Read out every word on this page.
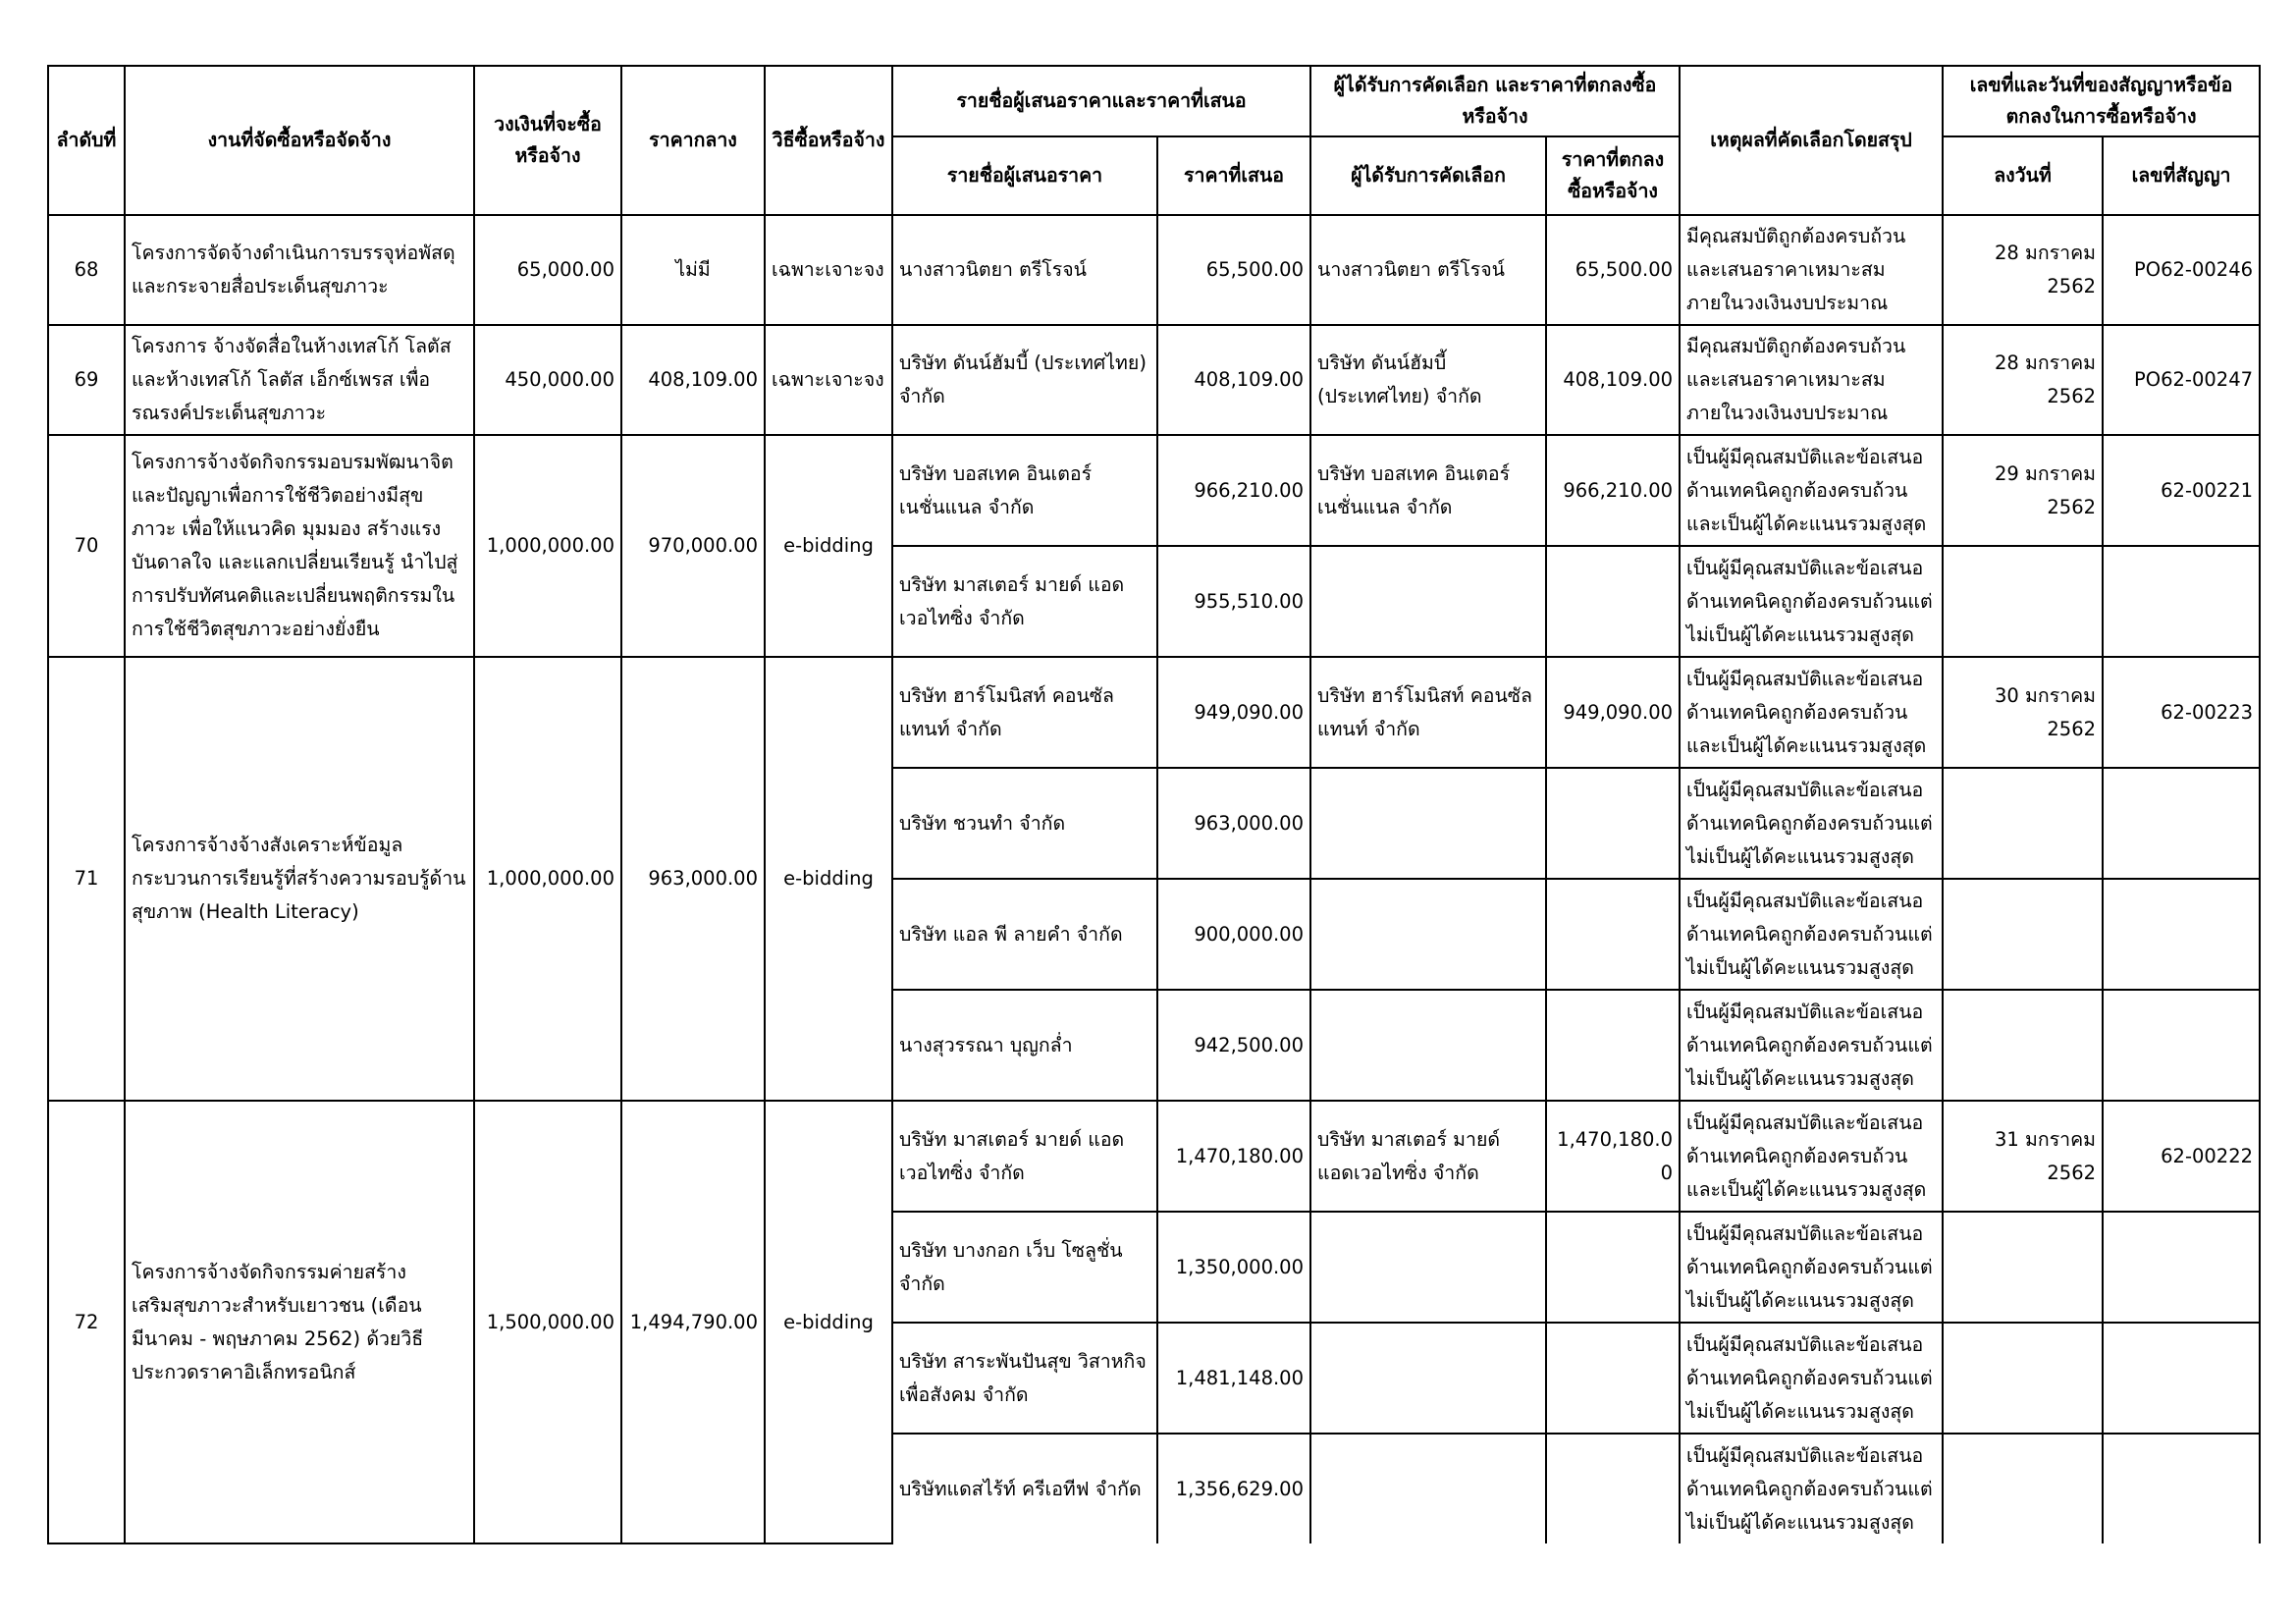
ลำดับที่	งานที่จัดซื้อหรือจัดจ้าง	วงเงินที่จะซื้อหรือจ้าง	ราคากลาง	วิธีซื้อหรือจ้าง	รายชื่อผู้เสนอราคาและราคาที่เสนอ		ผู้ได้รับการคัดเลือก และราคาที่ตกลงซื้อหรือจ้าง		เหตุผลที่คัดเลือกโดยสรุป	เลขที่และวันที่ของสัญญาหรือข้อตกลงในการซื้อหรือจ้าง	
					รายชื่อผู้เสนอราคา	ราคาที่เสนอ	ผู้ได้รับการคัดเลือก	ราคาที่ตกลงซื้อหรือจ้าง		ลงวันที่	เลขที่สัญญา
68	โครงการจัดจ้างดำเนินการบรรจุห่อพัสดุและกระจายสื่อประเด็นสุขภาวะ	65,000.00	ไม่มี	เฉพาะเจาะจง	นางสาวนิตยา ตรีโรจน์	65,500.00	นางสาวนิตยา ตรีโรจน์	65,500.00	มีคุณสมบัติถูกต้องครบถ้วนและเสนอราคาเหมาะสมภายในวงเงินงบประมาณ	28 มกราคม 2562	PO62-00246
69	โครงการ จ้างจัดสื่อในห้างเทสโก้ โลตัส และห้างเทสโก้ โลตัส เอ็กซ์เพรส เพื่อรณรงค์ประเด็นสุขภาวะ	450,000.00	408,109.00	เฉพาะเจาะจง	บริษัท ดันน์ฮัมบี้ (ประเทศไทย) จำกัด	408,109.00	บริษัท ดันน์ฮัมบี้ (ประเทศไทย) จำกัด	408,109.00	มีคุณสมบัติถูกต้องครบถ้วนและเสนอราคาเหมาะสมภายในวงเงินงบประมาณ	28 มกราคม 2562	PO62-00247
70	โครงการจ้างจัดกิจกรรมอบรมพัฒนาจิตและปัญญาเพื่อการใช้ชีวิตอย่างมีสุขภาวะ เพื่อให้แนวคิด มุมมอง สร้างแรงบันดาลใจ และแลกเปลี่ยนเรียนรู้ นำไปสู่การปรับทัศนคติและเปลี่ยนพฤติกรรมในการใช้ชีวิตสุขภาวะอย่างยั่งยืน	1,000,000.00	970,000.00	e-bidding	บริษัท บอสเทค อินเตอร์เนชั่นแนล จำกัด	966,210.00	บริษัท บอสเทค อินเตอร์เนชั่นแนล จำกัด	966,210.00	เป็นผู้มีคุณสมบัติและข้อเสนอด้านเทคนิคถูกต้องครบถ้วนและเป็นผู้ได้คะแนนรวมสูงสุด	29 มกราคม 2562	62-00221
					บริษัท มาสเตอร์ มายด์ แอดเวอไทซิ่ง จำกัด	955,510.00			เป็นผู้มีคุณสมบัติและข้อเสนอด้านเทคนิคถูกต้องครบถ้วนแต่ไม่เป็นผู้ได้คะแนนรวมสูงสุด		
71	โครงการจ้างจ้างสังเคราะห์ข้อมูลกระบวนการเรียนรู้ที่สร้างความรอบรู้ด้านสุขภาพ (Health Literacy)	1,000,000.00	963,000.00	e-bidding	บริษัท ฮาร์โมนิสท์ คอนซัลแทนท์ จำกัด	949,090.00	บริษัท ฮาร์โมนิสท์ คอนซัลแทนท์ จำกัด	949,090.00	เป็นผู้มีคุณสมบัติและข้อเสนอด้านเทคนิคถูกต้องครบถ้วนและเป็นผู้ได้คะแนนรวมสูงสุด	30 มกราคม 2562	62-00223
					บริษัท ชวนทำ จำกัด	963,000.00			เป็นผู้มีคุณสมบัติและข้อเสนอด้านเทคนิคถูกต้องครบถ้วนแต่ไม่เป็นผู้ได้คะแนนรวมสูงสุด		
					บริษัท แอล พี ลายคำ จำกัด	900,000.00			เป็นผู้มีคุณสมบัติและข้อเสนอด้านเทคนิคถูกต้องครบถ้วนแต่ไม่เป็นผู้ได้คะแนนรวมสูงสุด		
					นางสุวรรณา บุญกล่ำ	942,500.00			เป็นผู้มีคุณสมบัติและข้อเสนอด้านเทคนิคถูกต้องครบถ้วนแต่ไม่เป็นผู้ได้คะแนนรวมสูงสุด		
72	โครงการจ้างจัดกิจกรรมค่ายสร้างเสริมสุขภาวะสำหรับเยาวชน (เดือนมีนาคม - พฤษภาคม 2562) ด้วยวิธีประกวดราคาอิเล็กทรอนิกส์	1,500,000.00	1,494,790.00	e-bidding	บริษัท มาสเตอร์ มายด์ แอดเวอไทซิ่ง จำกัด	1,470,180.00	บริษัท มาสเตอร์ มายด์ แอดเวอไทซิ่ง จำกัด	1,470,180.00	เป็นผู้มีคุณสมบัติและข้อเสนอด้านเทคนิคถูกต้องครบถ้วนและเป็นผู้ได้คะแนนรวมสูงสุด	31 มกราคม 2562	62-00222
					บริษัท บางกอก เว็บ โซลูชั่น จำกัด	1,350,000.00			เป็นผู้มีคุณสมบัติและข้อเสนอด้านเทคนิคถูกต้องครบถ้วนแต่ไม่เป็นผู้ได้คะแนนรวมสูงสุด		
					บริษัท สาระพันปันสุข วิสาหกิจเพื่อสังคม จำกัด	1,481,148.00			เป็นผู้มีคุณสมบัติและข้อเสนอด้านเทคนิคถูกต้องครบถ้วนแต่ไม่เป็นผู้ได้คะแนนรวมสูงสุด		
					บริษัทแดสไร้ท์ ครีเอทีฟ จำกัด	1,356,629.00			เป็นผู้มีคุณสมบัติและข้อเสนอด้านเทคนิคถูกต้องครบถ้วนแต่ไม่เป็นผู้ได้คะแนนรวมสูงสุด		
